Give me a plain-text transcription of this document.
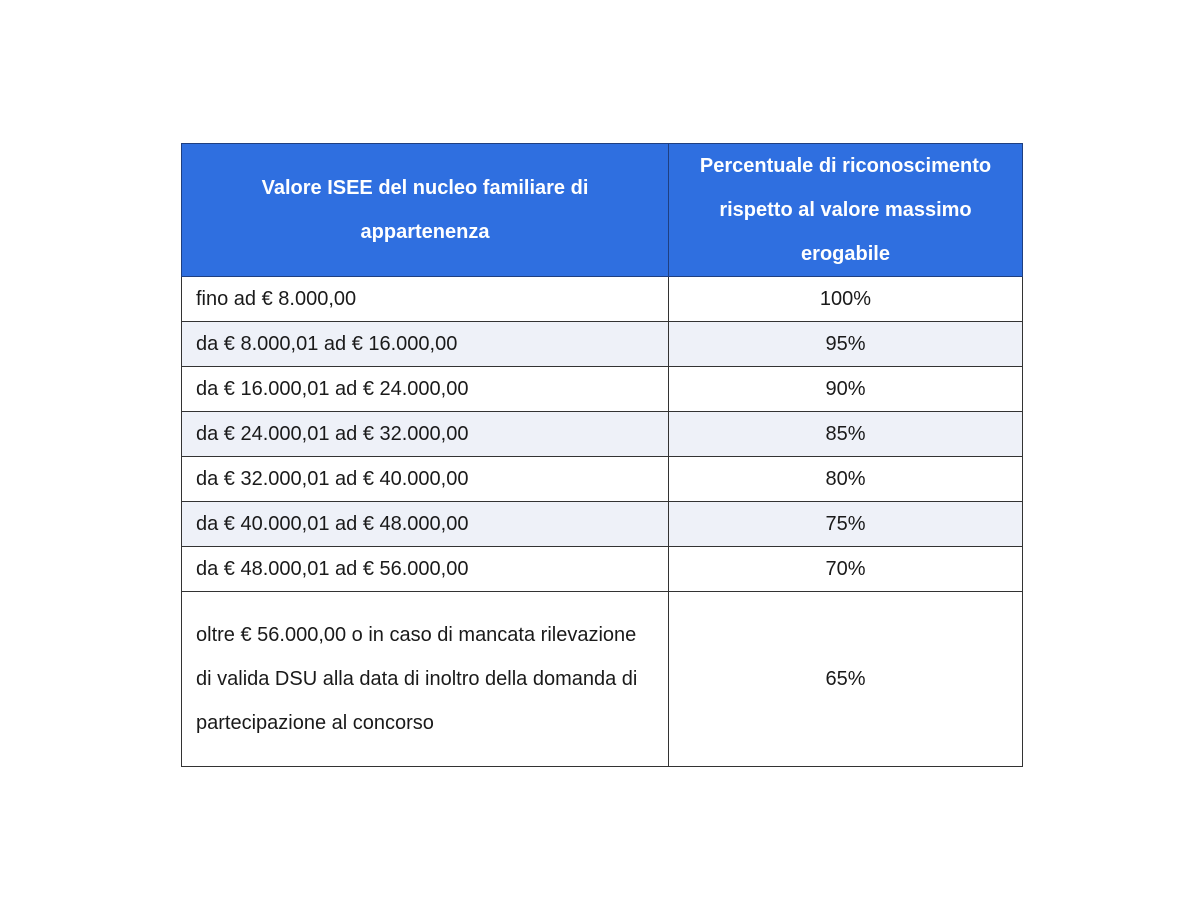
Valore ISEE del nucleo familiare di appartenenza	Percentuale di riconoscimento rispetto al valore massimo erogabile
fino ad € 8.000,00	100%
da € 8.000,01 ad € 16.000,00	95%
da € 16.000,01 ad € 24.000,00	90%
da € 24.000,01 ad € 32.000,00	85%
da € 32.000,01 ad € 40.000,00	80%
da € 40.000,01 ad € 48.000,00	75%
da € 48.000,01 ad € 56.000,00	70%
oltre € 56.000,00 o in caso di mancata rilevazione di valida DSU alla data di inoltro della domanda di partecipazione al concorso	65%
